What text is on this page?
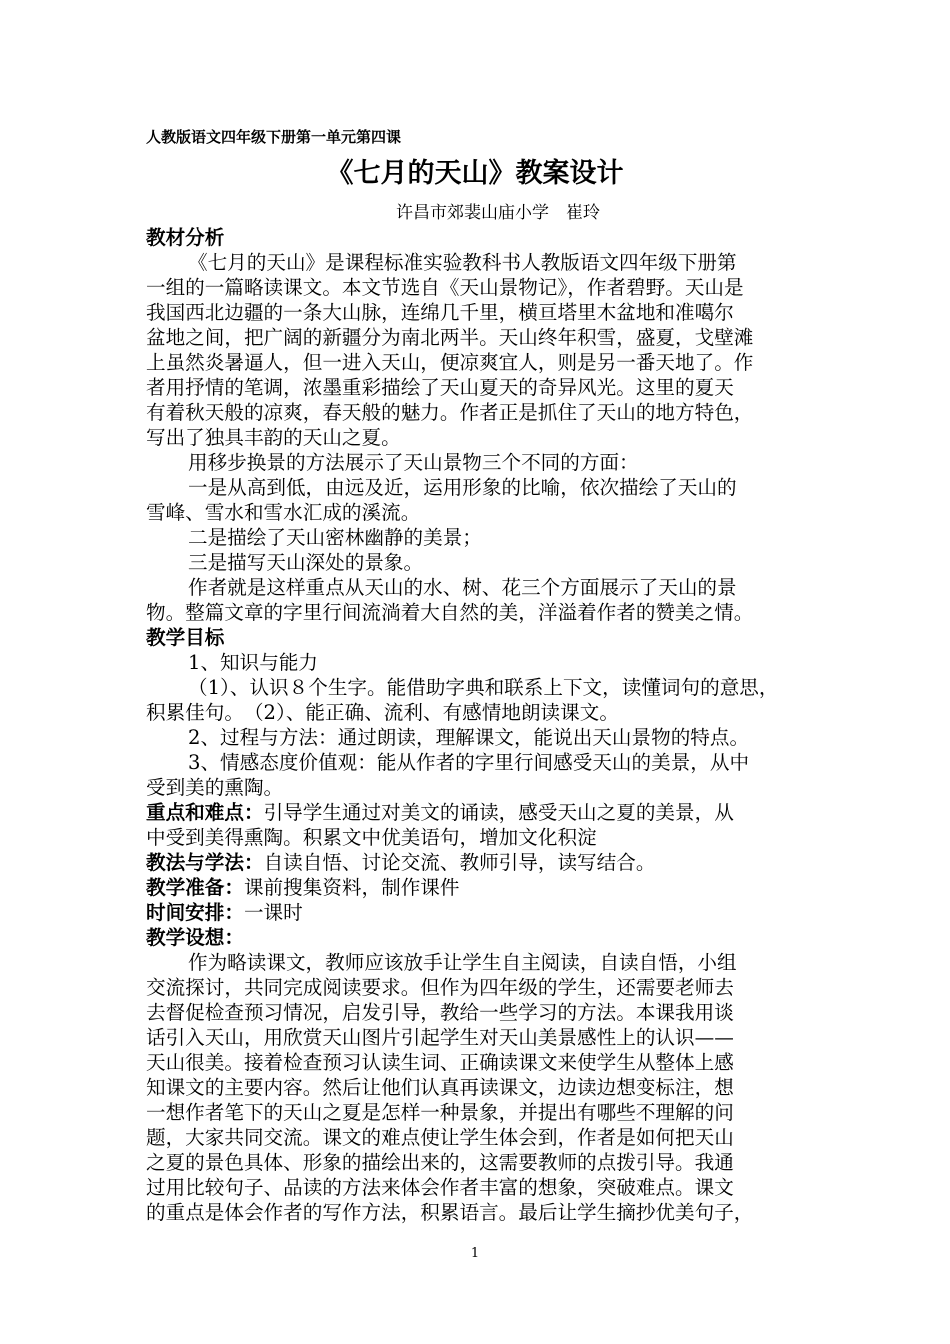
人教版语文四年级下册第一单元第四课
《七月的天山》教案设计
许昌市郊裴山庙小学　崔玲
教材分析
《七月的天山》是课程标准实验教科书人教版语文四年级下册第
一组的一篇略读课文。本文节选自《天山景物记》，作者碧野。天山是
我国西北边疆的一条大山脉，连绵几千里，横亘塔里木盆地和准噶尔
盆地之间，把广阔的新疆分为南北两半。天山终年积雪，盛夏，戈壁滩
上虽然炎暑逼人，但一进入天山，便凉爽宜人，则是另一番天地了。作
者用抒情的笔调，浓墨重彩描绘了天山夏天的奇异风光。这里的夏天
有着秋天般的凉爽，春天般的魅力。作者正是抓住了天山的地方特色，
写出了独具丰韵的天山之夏。
用移步换景的方法展示了天山景物三个不同的方面：
一是从高到低，由远及近，运用形象的比喻，依次描绘了天山的
雪峰、雪水和雪水汇成的溪流。
二是描绘了天山密林幽静的美景；
三是描写天山深处的景象。
作者就是这样重点从天山的水、树、花三个方面展示了天山的景
物。整篇文章的字里行间流淌着大自然的美，洋溢着作者的赞美之情。
教学目标
1、知识与能力
（1）、认识８个生字。能借助字典和联系上下文，读懂词句的意思，
积累佳句。　（2）、能正确、流利、有感情地朗读课文。
2、过程与方法：通过朗读，理解课文，能说出天山景物的特点。
3、情感态度价值观：能从作者的字里行间感受天山的美景，从中
受到美的熏陶。
重点和难点：引导学生通过对美文的诵读，感受天山之夏的美景，从
中受到美得熏陶。积累文中优美语句，增加文化积淀
教法与学法：自读自悟、讨论交流、教师引导，读写结合。
教学准备：课前搜集资料，制作课件
时间安排：一课时
教学设想：
作为略读课文，教师应该放手让学生自主阅读，自读自悟，小组
交流探讨，共同完成阅读要求。但作为四年级的学生，还需要老师去
去督促检查预习情况，启发引导，教给一些学习的方法。本课我用谈
话引入天山，用欣赏天山图片引起学生对天山美景感性上的认识——
天山很美。接着检查预习认读生词、正确读课文来使学生从整体上感
知课文的主要内容。然后让他们认真再读课文，边读边想变标注，想
一想作者笔下的天山之夏是怎样一种景象，并提出有哪些不理解的问
题，大家共同交流。课文的难点使让学生体会到，作者是如何把天山
之夏的景色具体、形象的描绘出来的，这需要教师的点拨引导。我通
过用比较句子、品读的方法来体会作者丰富的想象，突破难点。课文
的重点是体会作者的写作方法，积累语言。最后让学生摘抄优美句子，
1
